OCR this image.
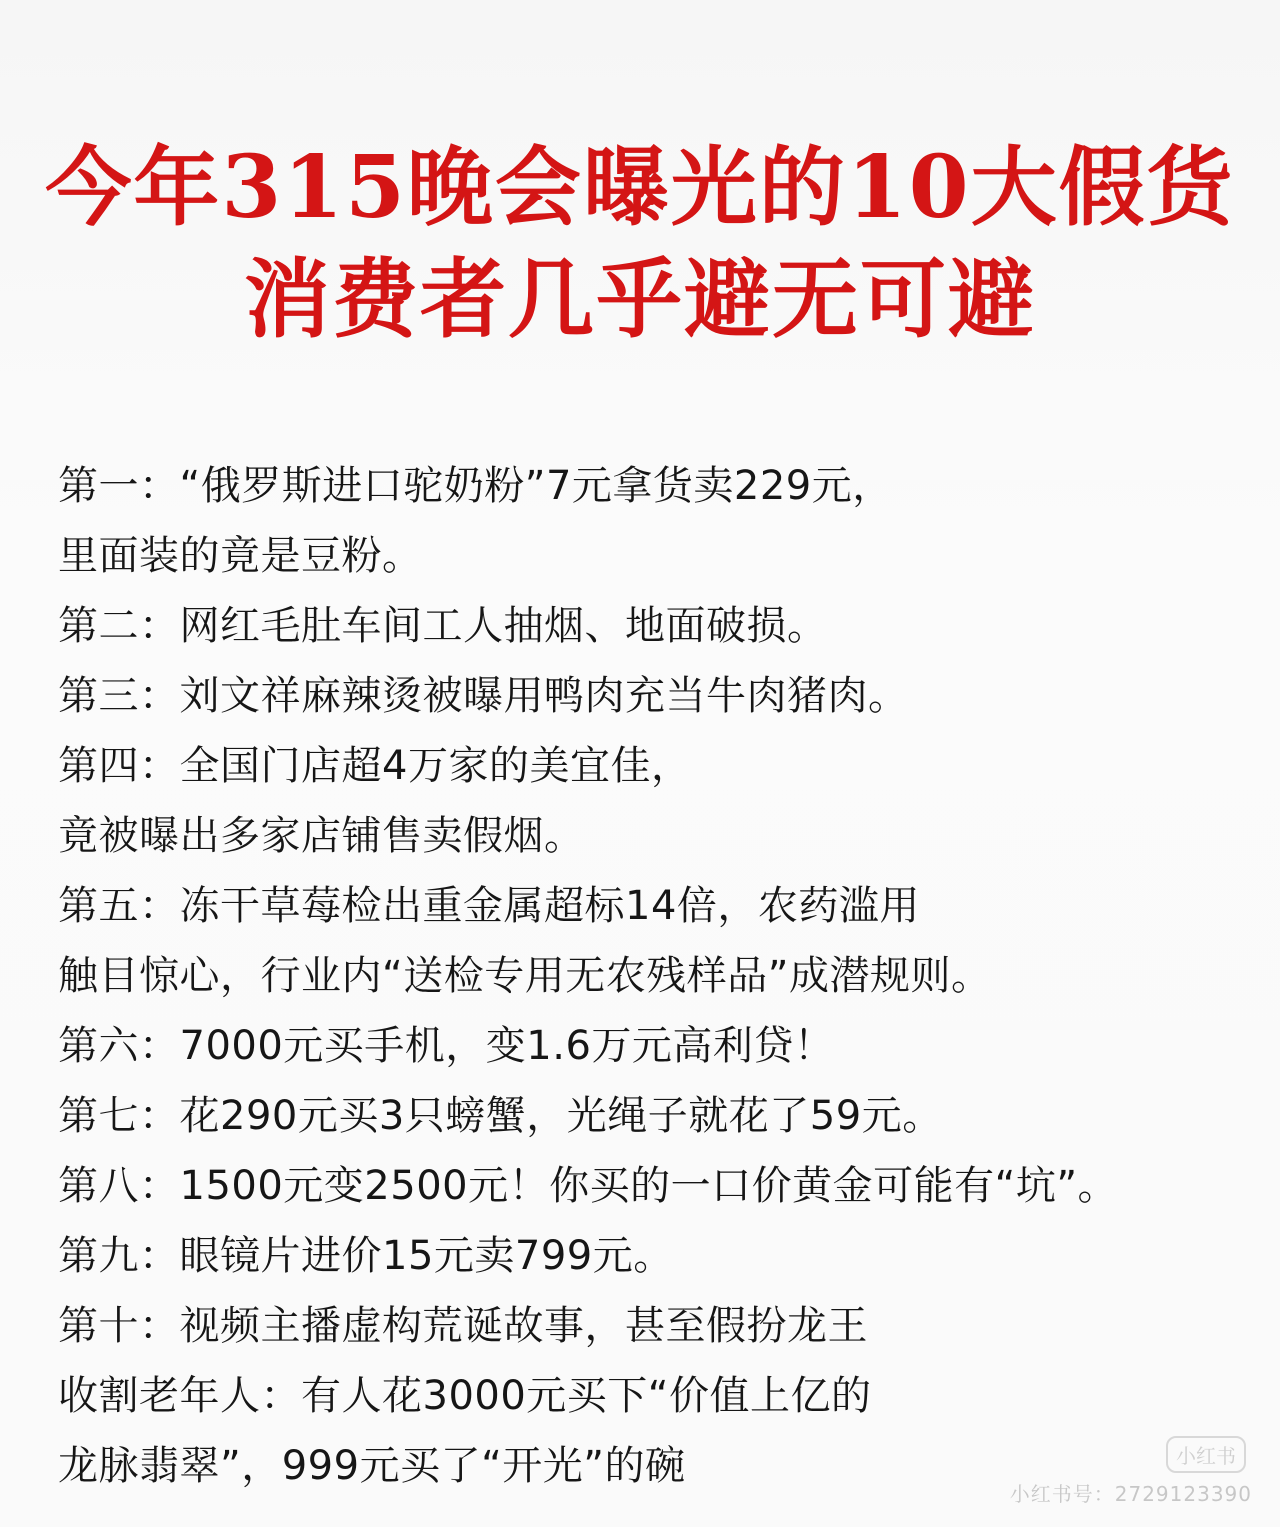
今年315晚会曝光的10大假货
消费者几乎避无可避
第一：“俄罗斯进口驼奶粉”7元拿货卖229元，
里面装的竟是豆粉。
第二：网红毛肚车间工人抽烟、地面破损。
第三：刘文祥麻辣烫被曝用鸭肉充当牛肉猪肉。
第四：全国门店超4万家的美宜佳，
竟被曝出多家店铺售卖假烟。
第五：冻干草莓检出重金属超标14倍，农药滥用
触目惊心，行业内“送检专用无农残样品”成潜规则。
第六：7000元买手机，变1.6万元高利贷！
第七：花290元买3只螃蟹，光绳子就花了59元。
第八：1500元变2500元！你买的一口价黄金可能有“坑”。
第九：眼镜片进价15元卖799元。
第十：视频主播虚构荒诞故事，甚至假扮龙王
收割老年人：有人花3000元买下“价值上亿的
龙脉翡翠”，999元买了“开光”的碗	小红书
小红书号：2729123390
